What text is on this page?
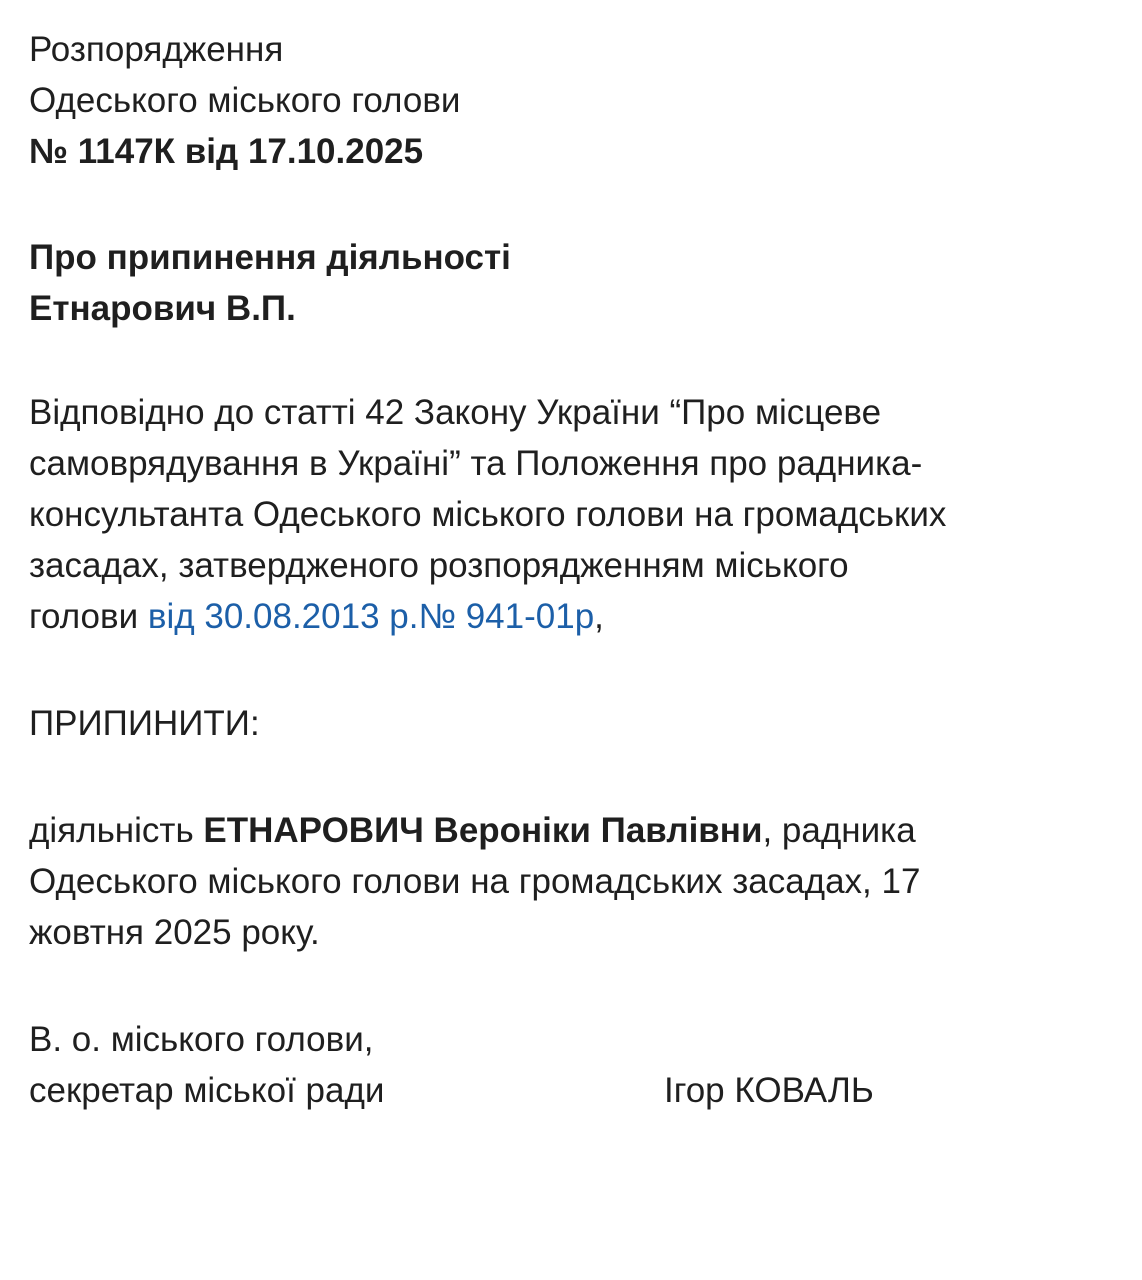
Розпорядження

Одеського міського голови

№ 1147К від 17.10.2025

Про припинення діяльності

Етнарович В.П.

Відповідно до статті 42 Закону України “Про місцеве

самоврядування в Україні” та Положення про радника-

консультанта Одеського міського голови на громадських

засадах, затвердженого розпорядженням міського

голови від 30.08.2013 р.№ 941-01р,

ПРИПИНИТИ:

діяльність ЕТНАРОВИЧ Вероніки Павлівни, радника

Одеського міського голови на громадських засадах, 17

жовтня 2025 року.

В. о. міського голови,

секретар міської ради	Ігор КОВАЛЬ
